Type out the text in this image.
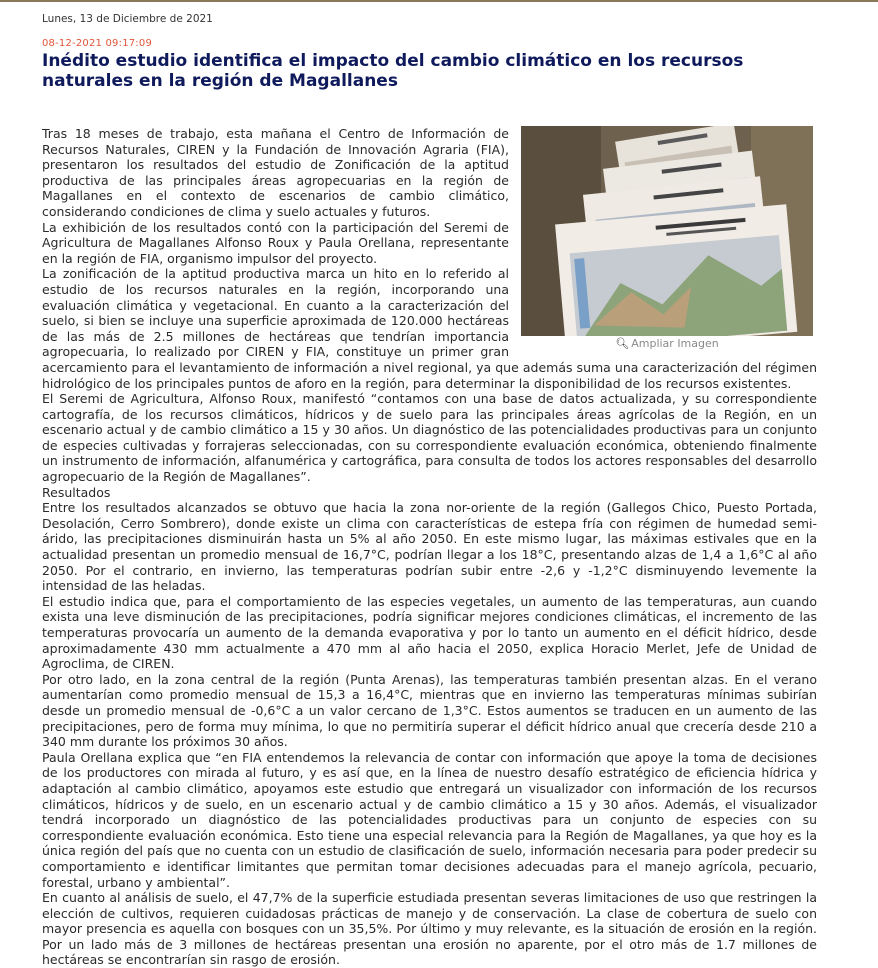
Lunes, 13 de Diciembre de 2021
08-12-2021 09:17:09
Inédito estudio identifica el impacto del cambio climático en los recursos naturales en la región de Magallanes
🔍︎ Ampliar Imagen

Tras 18 meses de trabajo, esta mañana el Centro de Información de Recursos Naturales, CIREN y la Fundación de Innovación Agraria (FIA), presentaron los resultados del estudio de Zonificación de la aptitud productiva de las principales áreas agropecuarias en la región de Magallanes en el contexto de escenarios de cambio climático, considerando condiciones de clima y suelo actuales y futuros.

La exhibición de los resultados contó con la participación del Seremi de Agricultura de Magallanes Alfonso Roux y Paula Orellana, representante en la región de FIA, organismo impulsor del proyecto.

La zonificación de la aptitud productiva marca un hito en lo referido al estudio de los recursos naturales en la región, incorporando una evaluación climática y vegetacional. En cuanto a la caracterización del suelo, si bien se incluye una superficie aproximada de 120.000 hectáreas de las más de 2.5 millones de hectáreas que tendrían importancia agropecuaria, lo realizado por CIREN y FIA, constituye un primer gran acercamiento para el levantamiento de información a nivel regional, ya que además suma una caracterización del régimen hidrológico de los principales puntos de aforo en la región, para determinar la disponibilidad de los recursos existentes.

El Seremi de Agricultura, Alfonso Roux, manifestó “contamos con una base de datos actualizada, y su correspondiente cartografía, de los recursos climáticos, hídricos y de suelo para las principales áreas agrícolas de la Región, en un escenario actual y de cambio climático a 15 y 30 años. Un diagnóstico de las potencialidades productivas para un conjunto de especies cultivadas y forrajeras seleccionadas, con su correspondiente evaluación económica, obteniendo finalmente un instrumento de información, alfanumérica y cartográfica, para consulta de todos los actores responsables del desarrollo agropecuario de la Región de Magallanes”.

Resultados

Entre los resultados alcanzados se obtuvo que hacia la zona nor-oriente de la región (Gallegos Chico, Puesto Portada, Desolación, Cerro Sombrero), donde existe un clima con características de estepa fría con régimen de humedad semi-árido, las precipitaciones disminuirán hasta un 5% al año 2050. En este mismo lugar, las máximas estivales que en la actualidad presentan un promedio mensual de 16,7°C, podrían llegar a los 18°C, presentando alzas de 1,4 a 1,6°C al año 2050. Por el contrario, en invierno, las temperaturas podrían subir entre -2,6 y -1,2°C disminuyendo levemente la intensidad de las heladas.

El estudio indica que, para el comportamiento de las especies vegetales, un aumento de las temperaturas, aun cuando exista una leve disminución de las precipitaciones, podría significar mejores condiciones climáticas, el incremento de las temperaturas provocaría un aumento de la demanda evaporativa y por lo tanto un aumento en el déficit hídrico, desde aproximadamente 430 mm actualmente a 470 mm al año hacia el 2050, explica Horacio Merlet, Jefe de Unidad de Agroclima, de CIREN.

Por otro lado, en la zona central de la región (Punta Arenas), las temperaturas también presentan alzas. En el verano aumentarían como promedio mensual de 15,3 a 16,4°C, mientras que en invierno las temperaturas mínimas subirían desde un promedio mensual de -0,6°C a un valor cercano de 1,3°C. Estos aumentos se traducen en un aumento de las precipitaciones, pero de forma muy mínima, lo que no permitiría superar el déficit hídrico anual que crecería desde 210 a 340 mm durante los próximos 30 años.

Paula Orellana explica que “en FIA entendemos la relevancia de contar con información que apoye la toma de decisiones de los productores con mirada al futuro, y es así que, en la línea de nuestro desafío estratégico de eficiencia hídrica y adaptación al cambio climático, apoyamos este estudio que entregará un visualizador con información de los recursos climáticos, hídricos y de suelo, en un escenario actual y de cambio climático a 15 y 30 años. Además, el visualizador tendrá incorporado un diagnóstico de las potencialidades productivas para un conjunto de especies con su correspondiente evaluación económica. Esto tiene una especial relevancia para la Región de Magallanes, ya que hoy es la única región del país que no cuenta con un estudio de clasificación de suelo, información necesaria para poder predecir su comportamiento e identificar limitantes que permitan tomar decisiones adecuadas para el manejo agrícola, pecuario, forestal, urbano y ambiental”.

En cuanto al análisis de suelo, el 47,7% de la superficie estudiada presentan severas limitaciones de uso que restringen la elección de cultivos, requieren cuidadosas prácticas de manejo y de conservación. La clase de cobertura de suelo con mayor presencia es aquella con bosques con un 35,5%. Por último y muy relevante, es la situación de erosión en la región. Por un lado más de 3 millones de hectáreas presentan una erosión no aparente, por el otro más de 1.7 millones de hectáreas se encontrarían sin rasgo de erosión.
